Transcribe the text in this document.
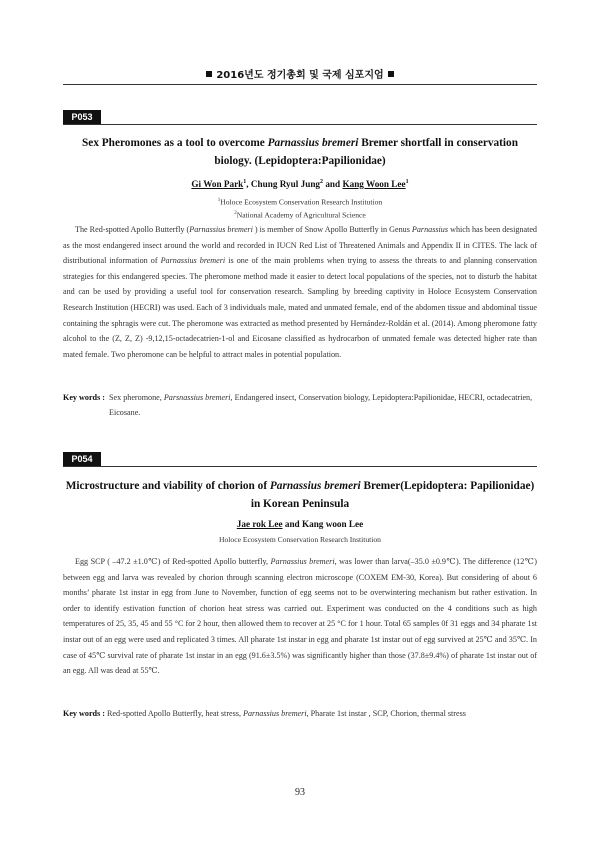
2016년도 정기총회 및 국제 심포지엄
P053
Sex Pheromones as a tool to overcome Parnassius bremeri Bremer shortfall in conservation biology. (Lepidoptera:Papilionidae)
Gi Won Park$^1$, Chung Ryul Jung$^2$ and Kang Woon Lee$^1$
$^1$Holoce Ecosystem Conservation Research Institution
$^2$National Academy of Agricultural Science

The Red-spotted Apollo Butterfly (Parnassius bremeri ) is member of Snow Apollo Butterfly in Genus Parnassius which has been designated as the most endangered insect around the world and recorded in IUCN Red List of Threatened Animals and Appendix II in CITES. The lack of distributional information of Parnassius bremeri is one of the main problems when trying to assess the threats to and planning conservation strategies for this endangered species. The pheromone method made it easier to detect local populations of the species, not to disturb the habitat and can be used by providing a useful tool for conservation research. Sampling by breeding captivity in Holoce Ecosystem Conservation Research Institution (HECRI) was used. Each of 3 individuals male, mated and unmated female, end of the abdomen tissue and abdominal tissue containing the sphragis were cut. The pheromone was extracted as method presented by Hernández-Roldán et al. (2014). Among pheromone fatty alcohol to the (Z, Z, Z) -9,12,15-octadecatrien-1-ol and Eicosane classified as hydrocarbon of unmated female was detected higher rate than mated female. Two pheromone can be helpful to attract males in potential population.

Key words : Sex pheromone, Parsnassius bremeri, Endangered insect, Conservation biology, Lepidoptera:Papilionidae, HECRI, octadecatrien, Eicosane.
P054
Microstructure and viability of chorion of Parnassius bremeri Bremer(Lepidoptera: Papilionidae) in Korean Peninsula
Jae rok Lee and Kang woon Lee
Holoce Ecosystem Conservation Research Institution

Egg SCP ( –47.2 ±1.0℃) of Red-spotted Apollo butterfly, Parnassius bremeri, was lower than larva(–35.0 ±0.9℃). The difference (12℃) between egg and larva was revealed by chorion through scanning electron microscope (COXEM EM-30, Korea). But considering of about 6 months’ pharate 1st instar in egg from June to November, function of egg seems not to be overwintering mechanism but rather estivation. In order to identify estivation function of chorion heat stress was carried out. Experiment was conducted on the 4 conditions such as high temperatures of 25, 35, 45 and 55 °C for 2 hour, then allowed them to recover at 25 °C for 1 hour. Total 65 samples 0f 31 eggs and 34 pharate 1st instar out of an egg were used and replicated 3 times. All pharate 1st instar in egg and pharate 1st instar out of egg survived at 25℃ and 35℃. In case of 45℃ survival rate of pharate 1st instar in an egg (91.6±3.5%) was significantly higher than those (37.8±9.4%) of pharate 1st instar out of an egg. All was dead at 55℃.

Key words : Red-spotted Apollo Butterfly, heat stress, Parnassius bremeri, Pharate 1st instar , SCP, Chorion, thermal stress
93
